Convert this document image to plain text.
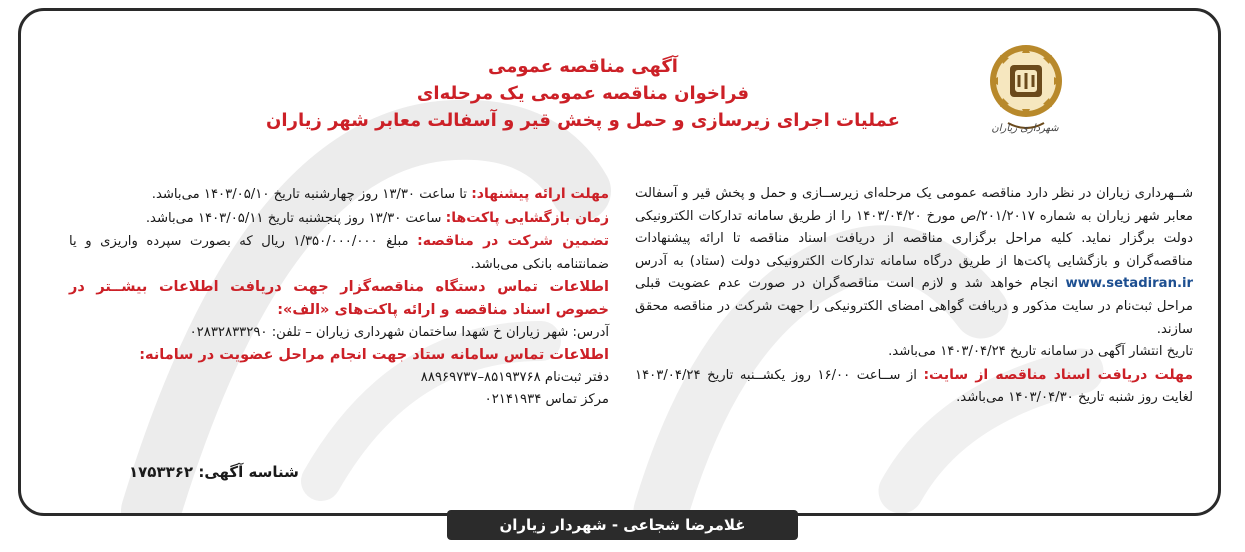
شهرداری زیاران
آگهی مناقصه عمومی
فراخوان مناقصه عمومی یک مرحله‌ای
عملیات اجرای زیرسازی و حمل و پخش قیر و آسفالت معابر شهر زیاران

شــهرداری زیاران در نظر دارد مناقصه عمومی یک مرحله‌ای زیرســازی و حمل و پخش قیر و آسفالت معابر شهر زیاران به شماره ۲۰۱/۲۰۱۷/ص مورخ ۱۴۰۳/۰۴/۲۰ را از طریق سامانه تدارکات الکترونیکی دولت برگزار نماید. کلیه مراحل برگزاری مناقصه از دریافت اسناد مناقصه تا ارائه پیشنهادات مناقصه‌گران و بازگشایی پاکت‌ها از طریق درگاه سامانه تدارکات الکترونیکی دولت (ستاد) به آدرس www.setadiran.ir انجام خواهد شد و لازم است مناقصه‌گران در صورت عدم عضویت قبلی مراحل ثبت‌نام در سایت مذکور و دریافت گواهی امضای الکترونیکی را جهت شرکت در مناقصه محقق سازند.

تاریخ انتشار آگهی در سامانه تاریخ ۱۴۰۳/۰۴/۲۴ می‌باشد.

مهلت دریافت اسناد مناقصه از سایت: از ســاعت ۱۶/۰۰ روز یکشــنبه تاریخ ۱۴۰۳/۰۴/۲۴ لغایت روز شنبه تاریخ ۱۴۰۳/۰۴/۳۰ می‌باشد.

مهلت ارائه پیشنهاد: تا ساعت ۱۳/۳۰ روز چهارشنبه تاریخ ۱۴۰۳/۰۵/۱۰ می‌باشد.

زمان بازگشایی پاکت‌ها: ساعت ۱۳/۳۰ روز پنجشنبه تاریخ ۱۴۰۳/۰۵/۱۱ می‌باشد.

تضمین شرکت در مناقصه: مبلغ ۱/۳۵۰/۰۰۰/۰۰۰ ریال که بصورت سپرده واریزی و یا ضمانتنامه بانکی می‌باشد.

اطلاعات تماس دستگاه مناقصه‌گزار جهت دریافت اطلاعات بیشــتر در خصوص اسناد مناقصه و ارائه پاکت‌های «الف»:

آدرس: شهر زیاران خ شهدا ساختمان شهرداری زیاران – تلفن: ۰۲۸۳۲۸۳۳۲۹۰

اطلاعات تماس سامانه ستاد جهت انجام مراحل عضویت در سامانه:

دفتر ثبت‌نام ۸۵۱۹۳۷۶۸–۸۸۹۶۹۷۳۷

مرکز تماس ۰۲۱۴۱۹۳۴

شناسه آگهی: ۱۷۵۳۳۶۲
غلامرضا شجاعی - شهردار زیاران
